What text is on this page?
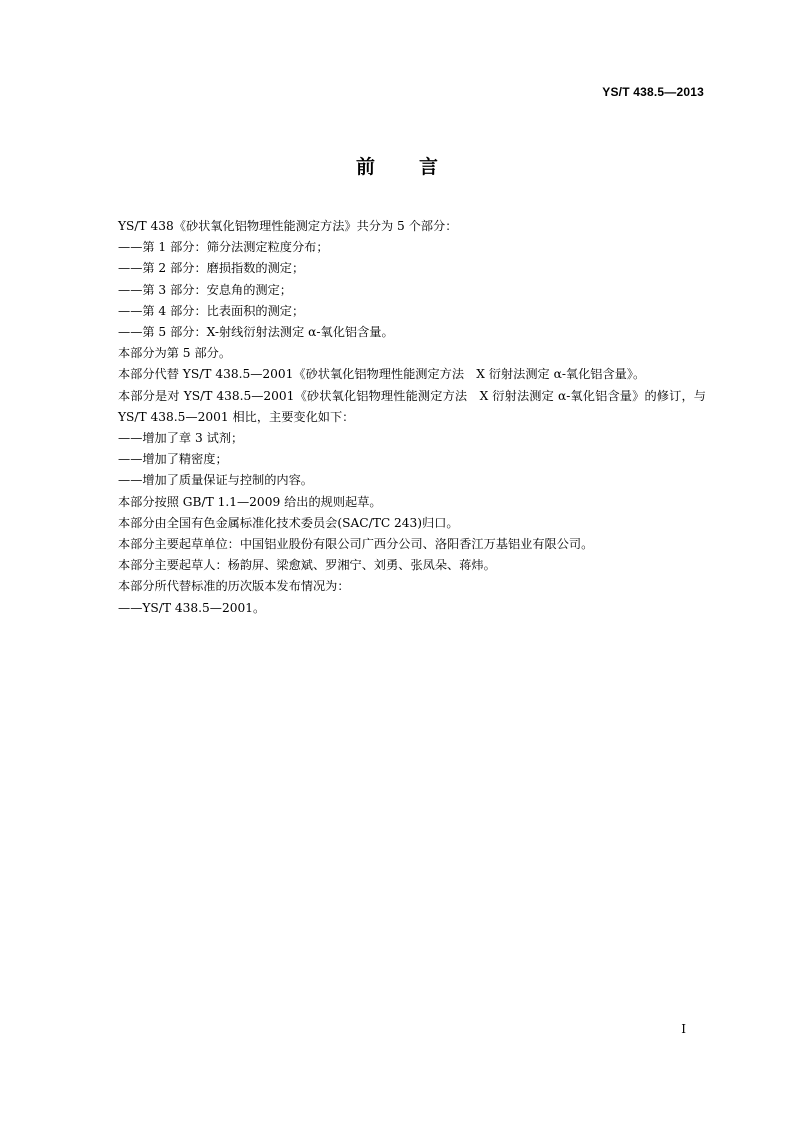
YS/T 438.5—2013
前言

YS/T 438《砂状氧化铝物理性能测定方法》共分为 5 个部分：

——第 1 部分：筛分法测定粒度分布；

——第 2 部分：磨损指数的测定；

——第 3 部分：安息角的测定；

——第 4 部分：比表面积的测定；

——第 5 部分：X-射线衍射法测定 α-氧化铝含量。

本部分为第 5 部分。

本部分代替 YS/T 438.5—2001《砂状氧化铝物理性能测定方法　X 衍射法测定 α-氧化铝含量》。

本部分是对 YS/T 438.5—2001《砂状氧化铝物理性能测定方法　X 衍射法测定 α-氧化铝含量》的修订，与 YS/T 438.5—2001 相比，主要变化如下：

——增加了章 3 试剂；

——增加了精密度；

——增加了质量保证与控制的内容。

本部分按照 GB/T 1.1—2009 给出的规则起草。

本部分由全国有色金属标准化技术委员会(SAC/TC 243)归口。

本部分主要起草单位：中国铝业股份有限公司广西分公司、洛阳香江万基铝业有限公司。

本部分主要起草人：杨韵屏、梁愈斌、罗湘宁、刘勇、张凤朵、蒋炜。

本部分所代替标准的历次版本发布情况为：

——YS/T 438.5—2001。

I
